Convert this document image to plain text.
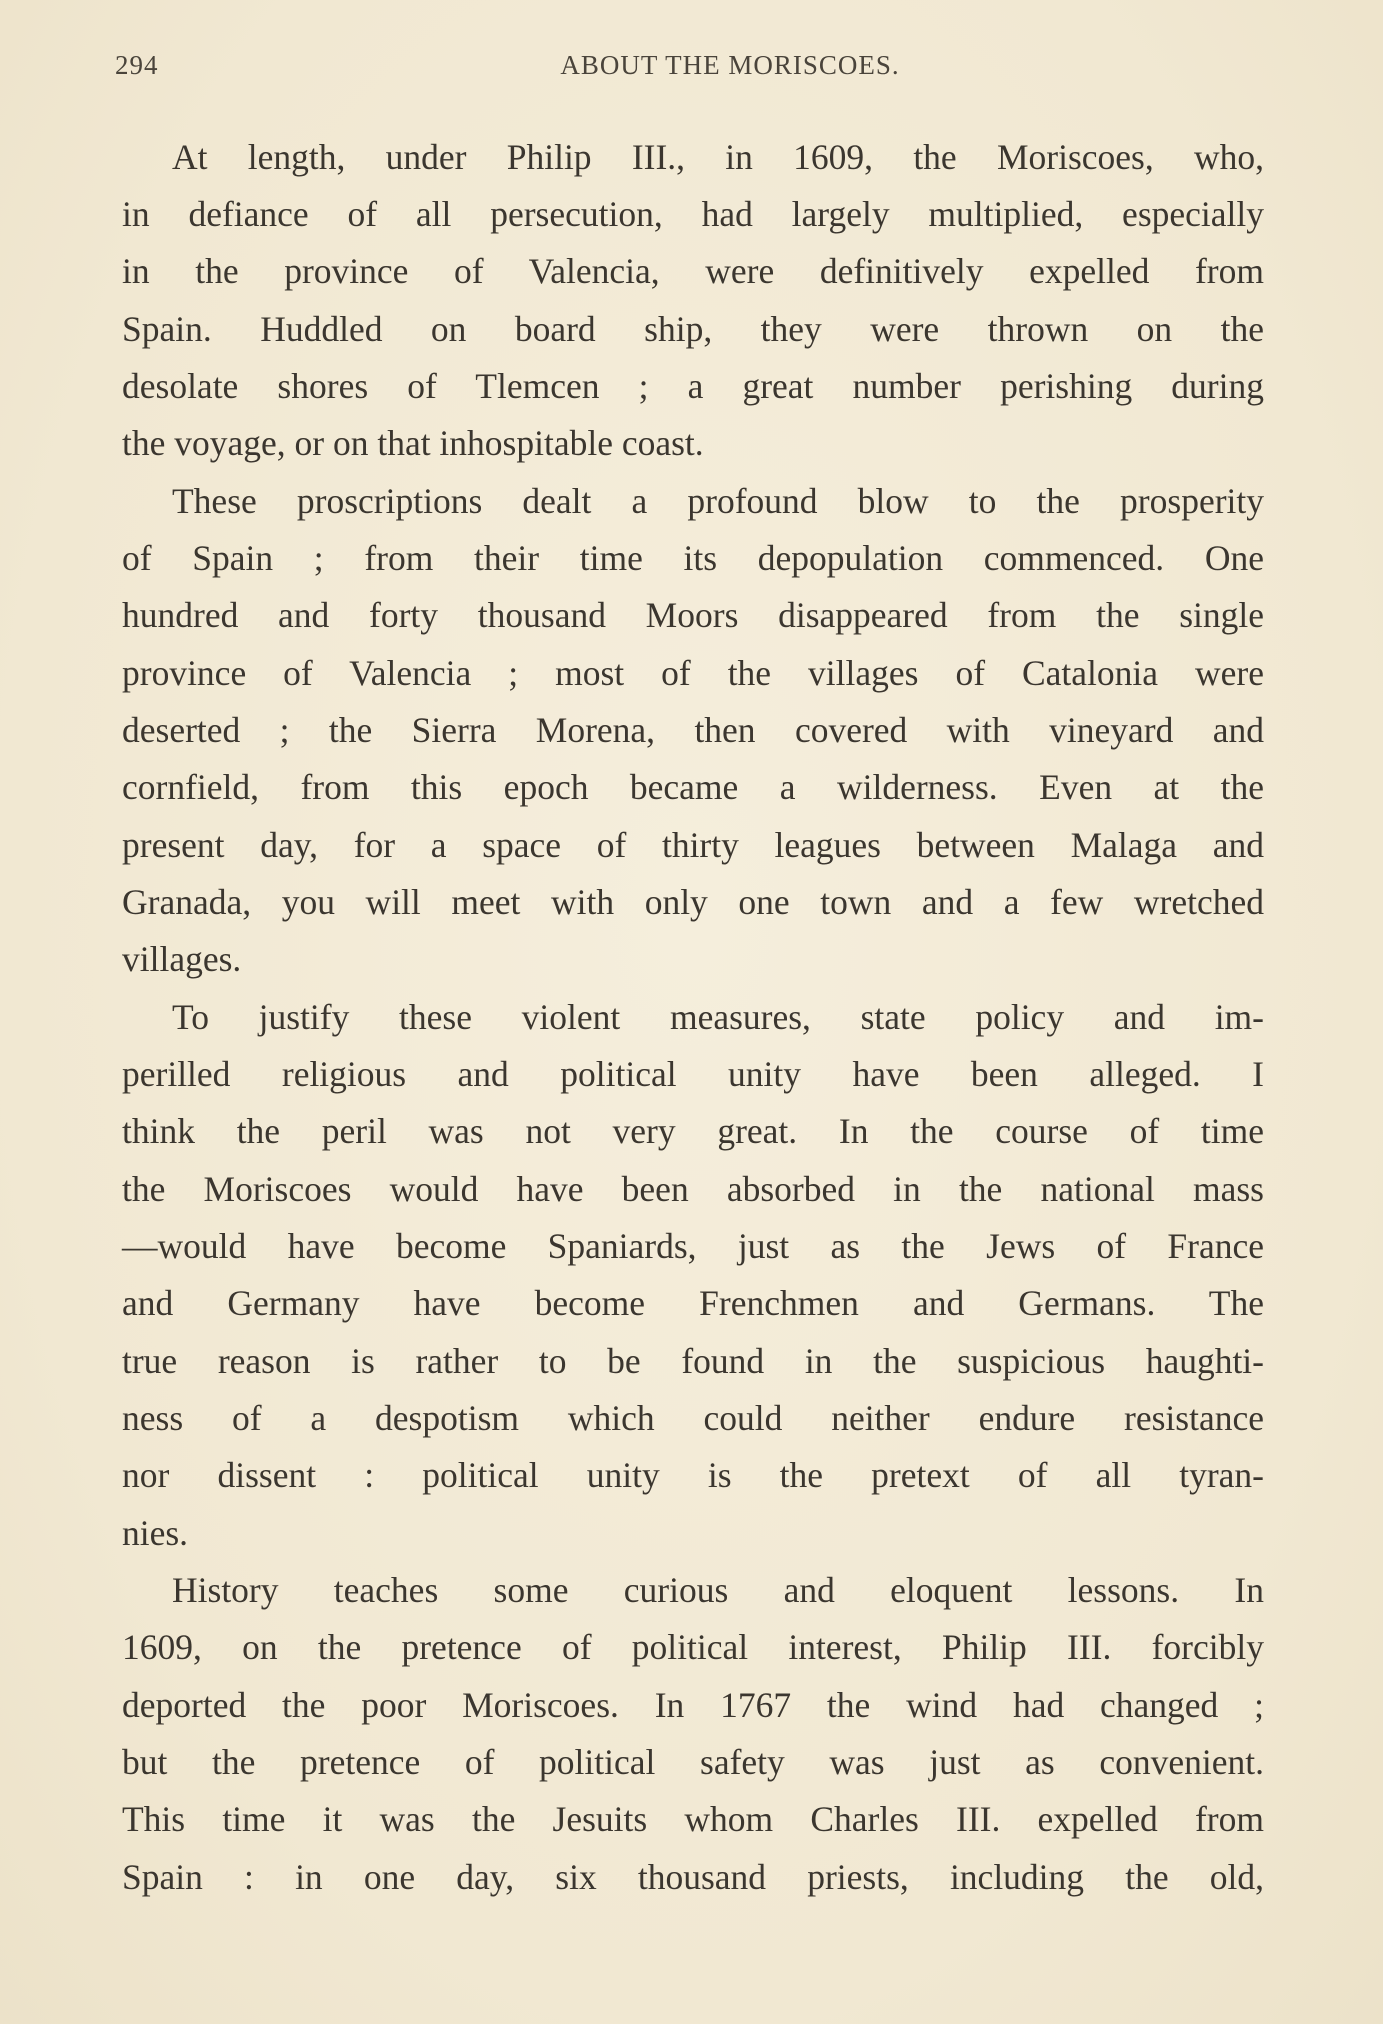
294	ABOUT THE MORISCOES.
At length, under Philip III., in 1609, the Moriscoes, who,
in defiance of all persecution, had largely multiplied, especially
in the province of Valencia, were definitively expelled from
Spain. Huddled on board ship, they were thrown on the
desolate shores of Tlemcen ; a great number perishing during
the voyage, or on that inhospitable coast.
These proscriptions dealt a profound blow to the prosperity
of Spain ; from their time its depopulation commenced. One
hundred and forty thousand Moors disappeared from the single
province of Valencia ; most of the villages of Catalonia were
deserted ; the Sierra Morena, then covered with vineyard and
cornfield, from this epoch became a wilderness. Even at the
present day, for a space of thirty leagues between Malaga and
Granada, you will meet with only one town and a few wretched
villages.
To justify these violent measures, state policy and im-
perilled religious and political unity have been alleged. I
think the peril was not very great. In the course of time
the Moriscoes would have been absorbed in the national mass
—would have become Spaniards, just as the Jews of France
and Germany have become Frenchmen and Germans. The
true reason is rather to be found in the suspicious haughti-
ness of a despotism which could neither endure resistance
nor dissent : political unity is the pretext of all tyran-
nies.
History teaches some curious and eloquent lessons. In
1609, on the pretence of political interest, Philip III. forcibly
deported the poor Moriscoes. In 1767 the wind had changed ;
but the pretence of political safety was just as convenient.
This time it was the Jesuits whom Charles III. expelled from
Spain : in one day, six thousand priests, including the old,
